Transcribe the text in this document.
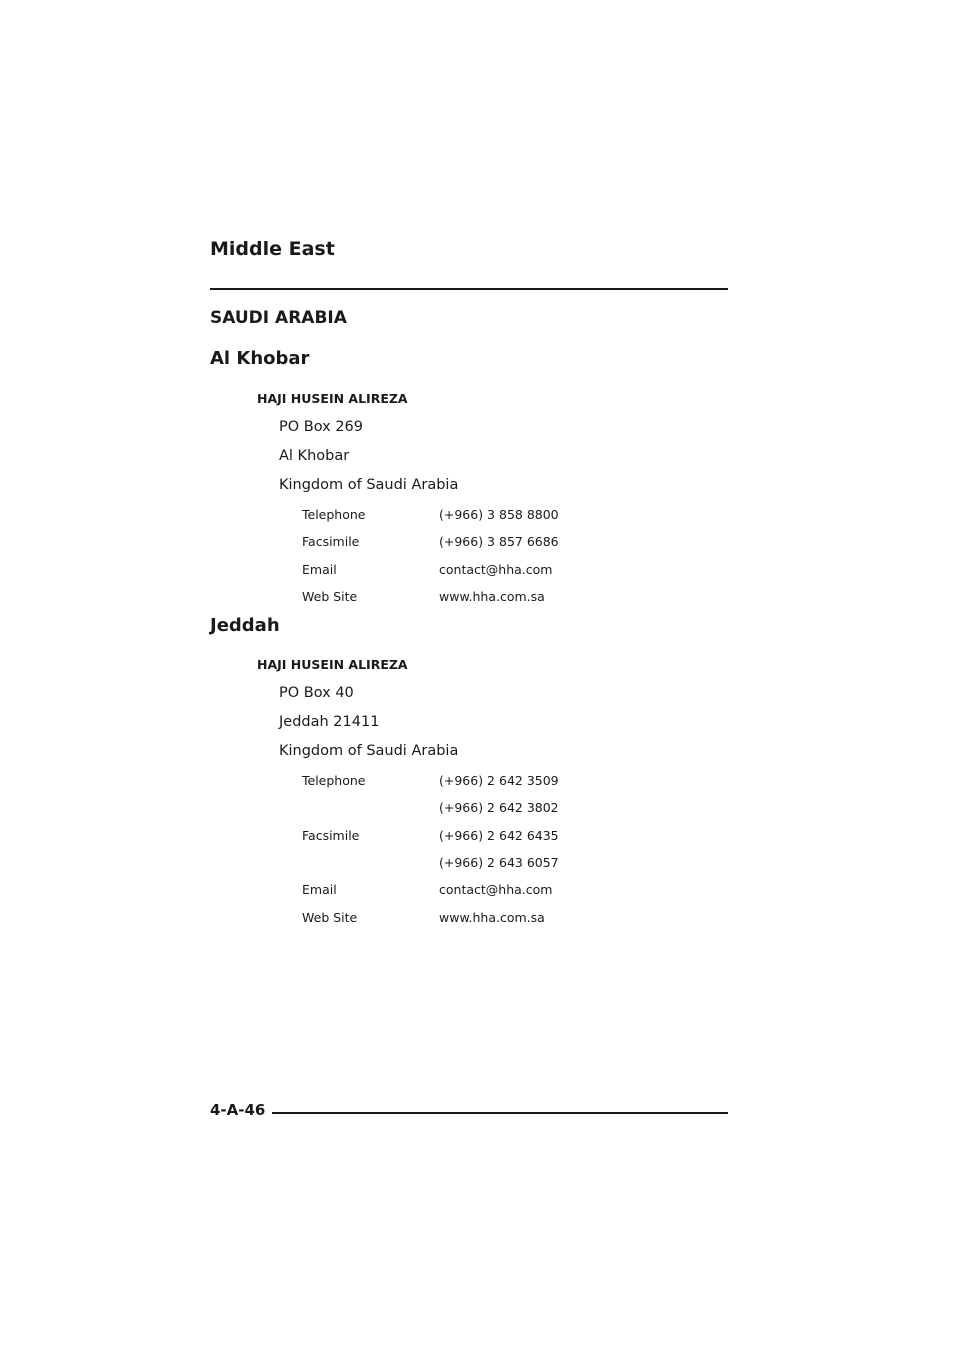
Middle East
SAUDI ARABIA
Al Khobar
HAJI HUSEIN ALIREZA
PO Box 269
Al Khobar
Kingdom of Saudi Arabia
Telephone	(+966) 3 858 8800
Facsimile	(+966) 3 857 6686
Email	contact@hha.com
Web Site	www.hha.com.sa
Jeddah
HAJI HUSEIN ALIREZA
PO Box 40
Jeddah 21411
Kingdom of Saudi Arabia
Telephone	(+966) 2 642 3509
(+966) 2 642 3802
Facsimile	(+966) 2 642 6435
(+966) 2 643 6057
Email	contact@hha.com
Web Site	www.hha.com.sa
4-A-46
